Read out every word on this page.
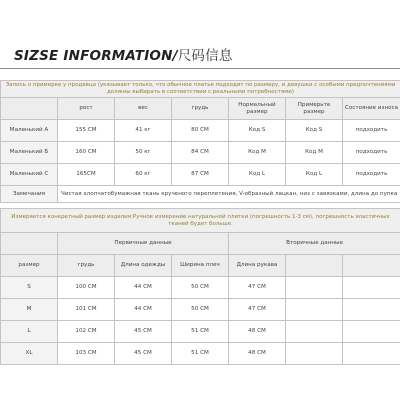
SIZSE INFORMATION/尺码信息
Запись о примерке у продавца (указывает только, что обычное платье подходит по размеру, и девушки с особыми предпочтениями должны выбирать в соответствии с реальными потребностями)						
	рост	вес	грудь	Нормальный размер	Примерьте размер	Состояние износа
Маленький А	155 CM	41 кг	80 CM	Код S	Код S	подходить
Маленький Б	160 CM	50 кг	84 CM	Код M	Код M	подходить
Маленький С	165CM	60 кг	87 CM	Код L	Код L	подходить
Замечания	Чистая хлопчатобумажная ткань крученого переплетения, V-образный лацкан, низ с завязками, длина до пупка					
Измеряется конкретный размер изделия:Ручное измерение натуральной плитки (погрешность 1-3 см), погрешность эластичных тканей будет больше.						
	Первичные данные			Вторичные данные		
размер	грудь	Длина одежды	Ширина плеч	Длина рукава		
S	100 CM	44 CM	50 CM	47 CM		
M	101 CM	44 CM	50 CM	47 CM		
L	102 CM	45 CM	51 CM	48 CM		
XL	103 CM	45 CM	51 CM	48 CM		
